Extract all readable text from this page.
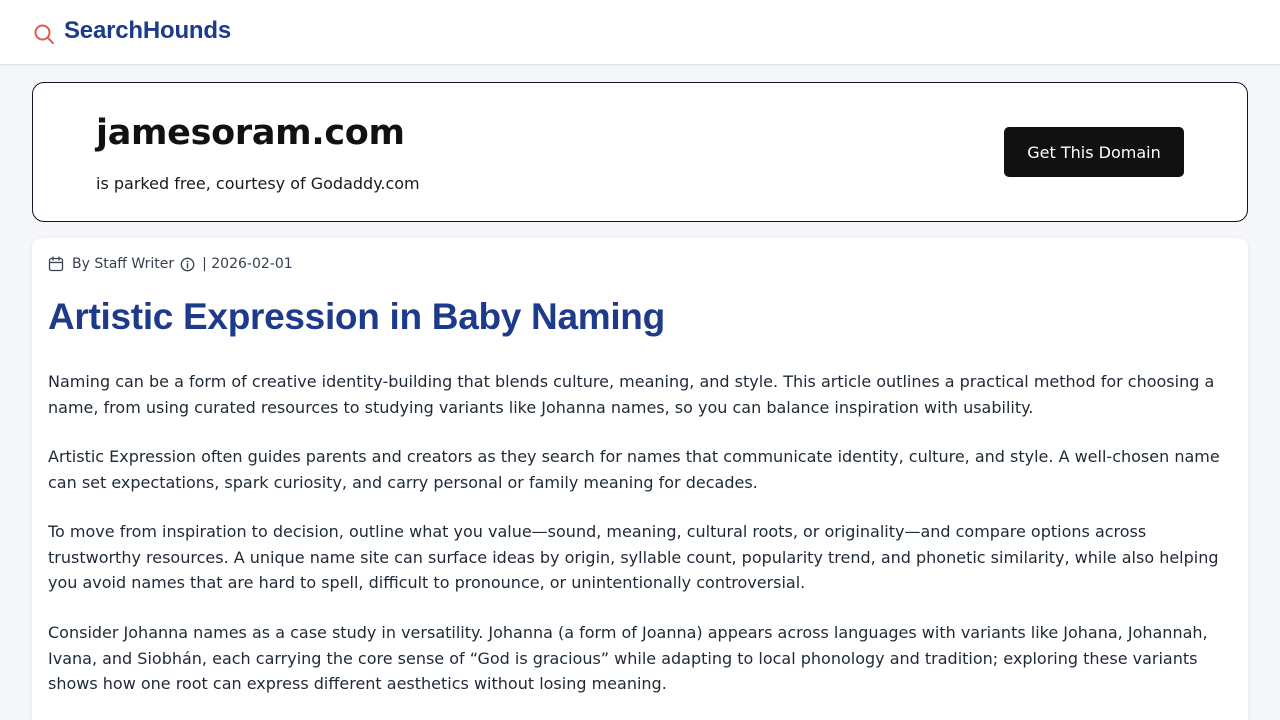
SearchHounds
jamesoram.com
is parked free, courtesy of Godaddy.com
Get This Domain
By Staff Writer | 2026-02-01
Artistic Expression in Baby Naming

Naming can be a form of creative identity-building that blends culture, meaning, and style. This article outlines a practical method for choosing a name, from using curated resources to studying variants like Johanna names, so you can balance inspiration with usability.

Artistic Expression often guides parents and creators as they search for names that communicate identity, culture, and style. A well-chosen name can set expectations, spark curiosity, and carry personal or family meaning for decades.

To move from inspiration to decision, outline what you value—sound, meaning, cultural roots, or originality—and compare options across trustworthy resources. A unique name site can surface ideas by origin, syllable count, popularity trend, and phonetic similarity, while also helping you avoid names that are hard to spell, difficult to pronounce, or unintentionally controversial.

Consider Johanna names as a case study in versatility. Johanna (a form of Joanna) appears across languages with variants like Johana, Johannah, Ivana, and Siobhán, each carrying the core sense of “God is gracious” while adapting to local phonology and tradition; exploring these variants shows how one root can express different aesthetics without losing meaning.
